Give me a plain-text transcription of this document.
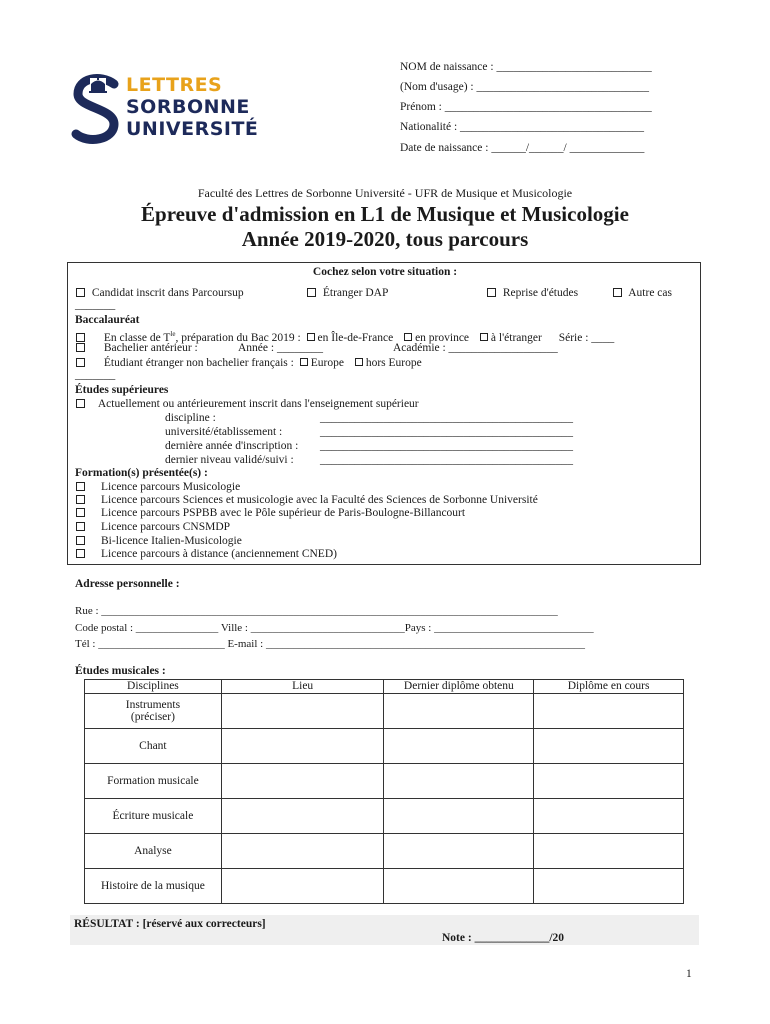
LETTRES
SORBONNE
UNIVERSITÉ
NOM de naissance : ___________________________
(Nom d'usage) : ______________________________
Prénom : ____________________________________
Nationalité : ________________________________
Date de naissance : ______/______/ _____________
Faculté des Lettres de Sorbonne Université - UFR de Musique et Musicologie
Épreuve d'admission en L1 de Musique et Musicologie
Année 2019-2020, tous parcours
Cochez selon votre situation :
Candidat inscrit dans Parcoursup	Étranger DAP	Reprise d'études	Autre cas
_______
Baccalauréat
En classe de $T^{le}$, préparation du Bac 2019 : en Île-de-France en province à l'étranger Série : ____
Bachelier antérieur :	Année : ________	Académie : ___________________
Étudiant étranger non bachelier français : Europe hors Europe
_______
Études supérieures
Actuellement ou antérieurement inscrit dans l'enseignement supérieur
discipline :	____________________________________________
université/établissement :	____________________________________________
dernière année d'inscription : ____________________________________________
dernier niveau validé/suivi : ____________________________________________
Formation(s) présentée(s) :
Licence parcours Musicologie
Licence parcours Sciences et musicologie avec la Faculté des Sciences de Sorbonne Université
Licence parcours PSPBB avec le Pôle supérieur de Paris-Boulogne-Billancourt
Licence parcours CNSMDP
Bi-licence Italien-Musicologie
Licence parcours à distance (anciennement CNED)
Adresse personnelle :
Rue : ___________________________________________________________________________________
Code postal : _______________ Ville : ____________________________Pays : _____________________________
Tél : _______________________ E-mail : __________________________________________________________
Études musicales :
Disciplines	Lieu	Dernier diplôme obtenu	Diplôme en cours

Instruments
(préciser)			

Chant			
Formation musicale			
Écriture musicale			
Analyse			
Histoire de la musique			
RÉSULTAT : [réservé aux correcteurs]
Note : _____________/20
1
